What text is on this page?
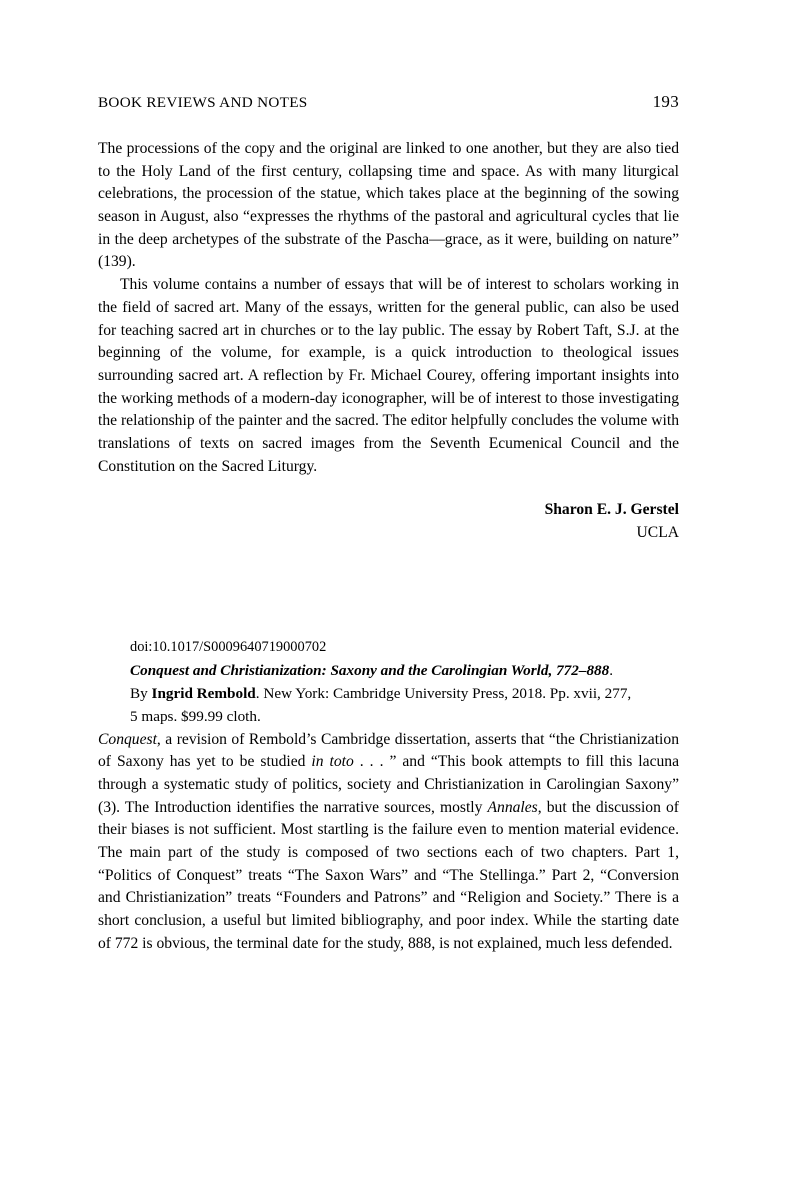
BOOK REVIEWS AND NOTES	193

The processions of the copy and the original are linked to one another, but they are also tied to the Holy Land of the first century, collapsing time and space. As with many liturgical celebrations, the procession of the statue, which takes place at the beginning of the sowing season in August, also “expresses the rhythms of the pastoral and agricultural cycles that lie in the deep archetypes of the substrate of the Pascha—grace, as it were, building on nature” (139).

This volume contains a number of essays that will be of interest to scholars working in the field of sacred art. Many of the essays, written for the general public, can also be used for teaching sacred art in churches or to the lay public. The essay by Robert Taft, S.J. at the beginning of the volume, for example, is a quick introduction to theological issues surrounding sacred art. A reflection by Fr. Michael Courey, offering important insights into the working methods of a modern-day iconographer, will be of interest to those investigating the relationship of the painter and the sacred. The editor helpfully concludes the volume with translations of texts on sacred images from the Seventh Ecumenical Council and the Constitution on the Sacred Liturgy.

Sharon E. J. Gerstel
UCLA
doi:10.1017/S0009640719000702
Conquest and Christianization: Saxony and the Carolingian World, 772–888. By Ingrid Rembold. New York: Cambridge University Press, 2018. Pp. xvii, 277, 5 maps. $99.99 cloth.

Conquest, a revision of Rembold’s Cambridge dissertation, asserts that “the Christianization of Saxony has yet to be studied in toto . . . ” and “This book attempts to fill this lacuna through a systematic study of politics, society and Christianization in Carolingian Saxony” (3). The Introduction identifies the narrative sources, mostly Annales, but the discussion of their biases is not sufficient. Most startling is the failure even to mention material evidence. The main part of the study is composed of two sections each of two chapters. Part 1, “Politics of Conquest” treats “The Saxon Wars” and “The Stellinga.” Part 2, “Conversion and Christianization” treats “Founders and Patrons” and “Religion and Society.” There is a short conclusion, a useful but limited bibliography, and poor index. While the starting date of 772 is obvious, the terminal date for the study, 888, is not explained, much less defended.
